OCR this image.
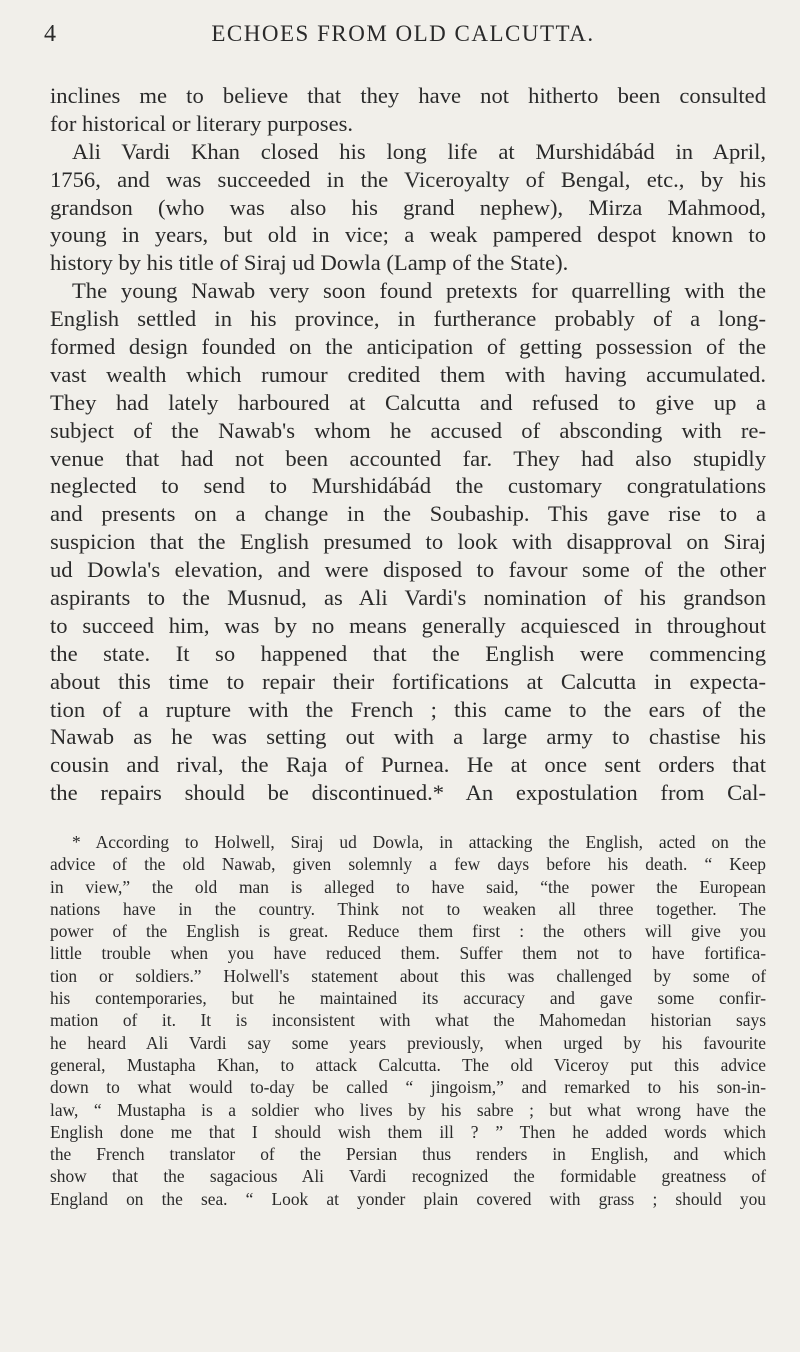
4	ECHOES FROM OLD CALCUTTA.
inclines me to believe that they have not hitherto been consulted
for historical or literary purposes.
Ali Vardi Khan closed his long life at Murshidábád in April,
1756, and was succeeded in the Viceroyalty of Bengal, etc., by his
grandson (who was also his grand nephew), Mirza Mahmood,
young in years, but old in vice; a weak pampered despot known to
history by his title of Siraj ud Dowla (Lamp of the State).
The young Nawab very soon found pretexts for quarrelling with the
English settled in his province, in furtherance probably of a long-
formed design founded on the anticipation of getting possession of the
vast wealth which rumour credited them with having accumulated.
They had lately harboured at Calcutta and refused to give up a
subject of the Nawab's whom he accused of absconding with re-
venue that had not been accounted far. They had also stupidly
neglected to send to Murshidábád the customary congratulations
and presents on a change in the Soubaship. This gave rise to a
suspicion that the English presumed to look with disapproval on Siraj
ud Dowla's elevation, and were disposed to favour some of the other
aspirants to the Musnud, as Ali Vardi's nomination of his grandson
to succeed him, was by no means generally acquiesced in throughout
the state. It so happened that the English were commencing
about this time to repair their fortifications at Calcutta in expecta-
tion of a rupture with the French ; this came to the ears of the
Nawab as he was setting out with a large army to chastise his
cousin and rival, the Raja of Purnea. He at once sent orders that
the repairs should be discontinued.* An expostulation from Cal-
* According to Holwell, Siraj ud Dowla, in attacking the English, acted on the
advice of the old Nawab, given solemnly a few days before his death. “ Keep
in view,” the old man is alleged to have said, “the power the European
nations have in the country. Think not to weaken all three together. The
power of the English is great. Reduce them first : the others will give you
little trouble when you have reduced them. Suffer them not to have fortifica-
tion or soldiers.” Holwell's statement about this was challenged by some of
his contemporaries, but he maintained its accuracy and gave some confir-
mation of it. It is inconsistent with what the Mahomedan historian says
he heard Ali Vardi say some years previously, when urged by his favourite
general, Mustapha Khan, to attack Calcutta. The old Viceroy put this advice
down to what would to-day be called “ jingoism,” and remarked to his son-in-
law, “ Mustapha is a soldier who lives by his sabre ; but what wrong have the
English done me that I should wish them ill ? ” Then he added words which
the French translator of the Persian thus renders in English, and which
show that the sagacious Ali Vardi recognized the formidable greatness of
England on the sea. “ Look at yonder plain covered with grass ; should you
